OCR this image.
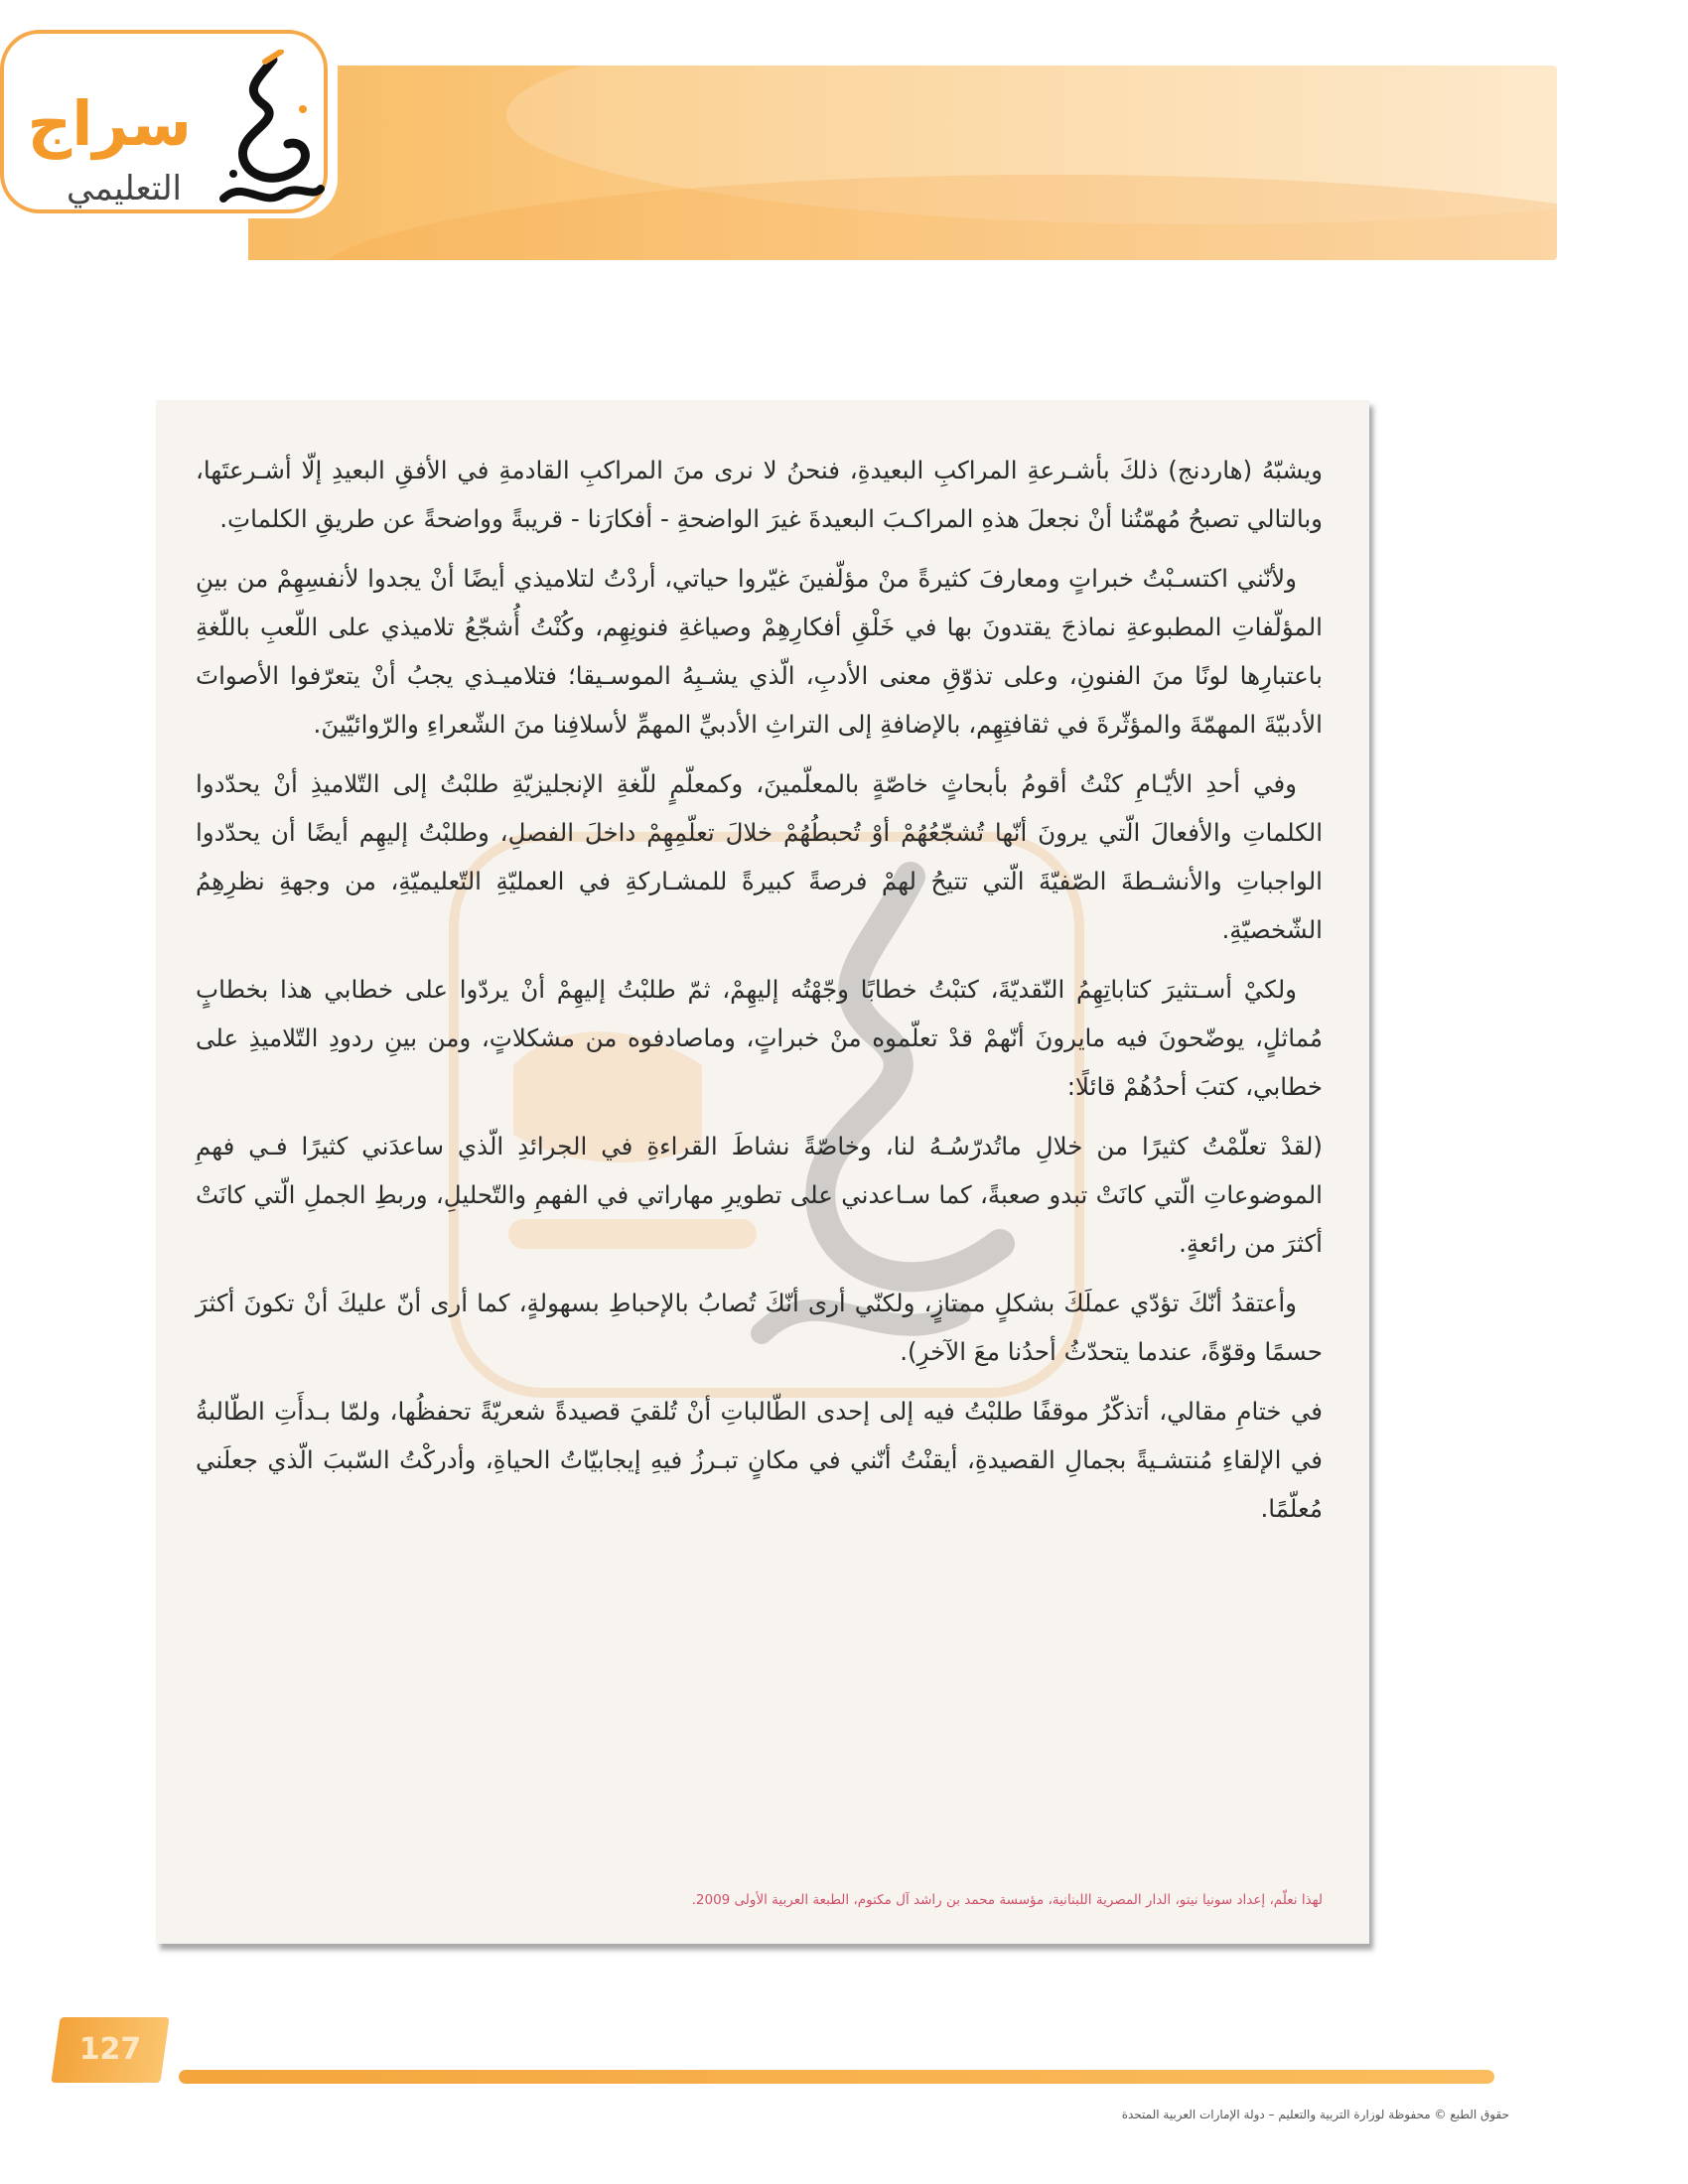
سراج
التعليمي

ويشبّهُ (هاردنج) ذلكَ بأشـرعةِ المراكبِ البعيدةِ، فنحنُ لا نرى منَ المراكبِ القادمةِ في الأفقِ البعيدِ إلّا أشـرعتَها، وبالتالي تصبحُ مُهمّتُنا أنْ نجعلَ هذهِ المراكـبَ البعيدةَ غيرَ الواضحةِ - أفكارَنا - قريبةً وواضحةً عن طريقِ الكلماتِ.

ولأنّني اكتسـبْتُ خبراتٍ ومعارفَ كثيرةً منْ مؤلّفينَ غيّروا حياتي، أردْتُ لتلاميذي أيضًا أنْ يجدوا لأنفسِهِمْ من بينِ المؤلّفاتِ المطبوعةِ نماذجَ يقتدونَ بها في خَلْقِ أفكارِهِمْ وصياغةِ فنونِهِم، وكُنْتُ أُشجّعُ تلاميذي على اللّعبِ باللّغةِ باعتبارِها لونًا منَ الفنونِ، وعلى تذوّقِ معنى الأدبِ، الّذي يشـبِهُ الموسـيقا؛ فتلاميـذي يجبُ أنْ يتعرّفوا الأصواتَ الأدبيّةَ المهمّةَ والمؤثّرةَ في ثقافتِهِم، بالإضافةِ إلى التراثِ الأدبيِّ المهمِّ لأسلافِنا منَ الشّعراءِ والرّوائيّينَ.

وفي أحدِ الأيّـامِ كنْتُ أقومُ بأبحاثٍ خاصّةٍ بالمعلّمينَ، وكمعلّمٍ للّغةِ الإنجليزيّةِ طلبْتُ إلى التّلاميذِ أنْ يحدّدوا الكلماتِ والأفعالَ الّتي يرونَ أنّها تُشجّعُهُمْ أوْ تُحبطُهُمْ خلالَ تعلّمِهِمْ داخلَ الفصلِ، وطلبْتُ إليهِم أيضًا أن يحدّدوا الواجباتِ والأنشـطةَ الصّفيّةَ الّتي تتيحُ لهمْ فرصةً كبيرةً للمشـاركةِ في العمليّةِ التّعليميّةِ، من وجهةِ نظرِهِمُ الشّخصيّةِ.

ولكيْ أسـتثيرَ كتاباتِهِمُ النّقديّةَ، كتبْتُ خطابًا وجّهْتُه إليهِمْ، ثمّ طلبْتُ إليهِمْ أنْ يردّوا على خطابي هذا بخطابٍ مُماثلٍ، يوضّحونَ فيه مايرونَ أنّهمْ قدْ تعلّموه منْ خبراتٍ، وماصادفوه من مشكلاتٍ، ومن بينِ ردودِ التّلاميذِ على خطابي، كتبَ أحدُهُمْ قائلًا:

(لقدْ تعلّمْتُ كثيرًا من خلالِ ماتُدرّسُـهُ لنا، وخاصّةً نشاطَ القراءةِ في الجرائدِ الّذي ساعدَني كثيرًا فـي فهمِ الموضوعاتِ الّتي كانَتْ تبدو صعبةً، كما سـاعدني على تطويرِ مهاراتي في الفهمِ والتّحليلِ، وربطِ الجملِ الّتي كانَتْ أكثرَ من رائعةٍ.

وأعتقدُ أنّكَ تؤدّي عملَكَ بشكلٍ ممتازٍ، ولكنّي أرى أنّكَ تُصابُ بالإحباطِ بسهولةٍ، كما أرى أنّ عليكَ أنْ تكونَ أكثرَ حسمًا وقوّةً، عندما يتحدّثُ أحدُنا معَ الآخرِ).

في ختامِ مقالي، أتذكّرُ موقفًا طلبْتُ فيه إلى إحدى الطّالباتِ أنْ تُلقيَ قصيدةً شعريّةً تحفظُها، ولمّا بـدأَتِ الطّالبةُ في الإلقاءِ مُنتشـيةً بجمالِ القصيدةِ، أيقنْتُ أنّني في مكانٍ تبـرزُ فيهِ إيجابيّاتُ الحياةِ، وأدركْتُ السّببَ الّذي جعلَني مُعلّمًا.

لهذا نعلّم، إعداد سونيا نيتو، الدار المصرية اللبنانية، مؤسسة محمد بن راشد آل مكتوم، الطبعة العربية الأولى 2009.
127
حقوق الطبع © محفوظة لوزارة التربية والتعليم – دولة الإمارات العربية المتحدة
